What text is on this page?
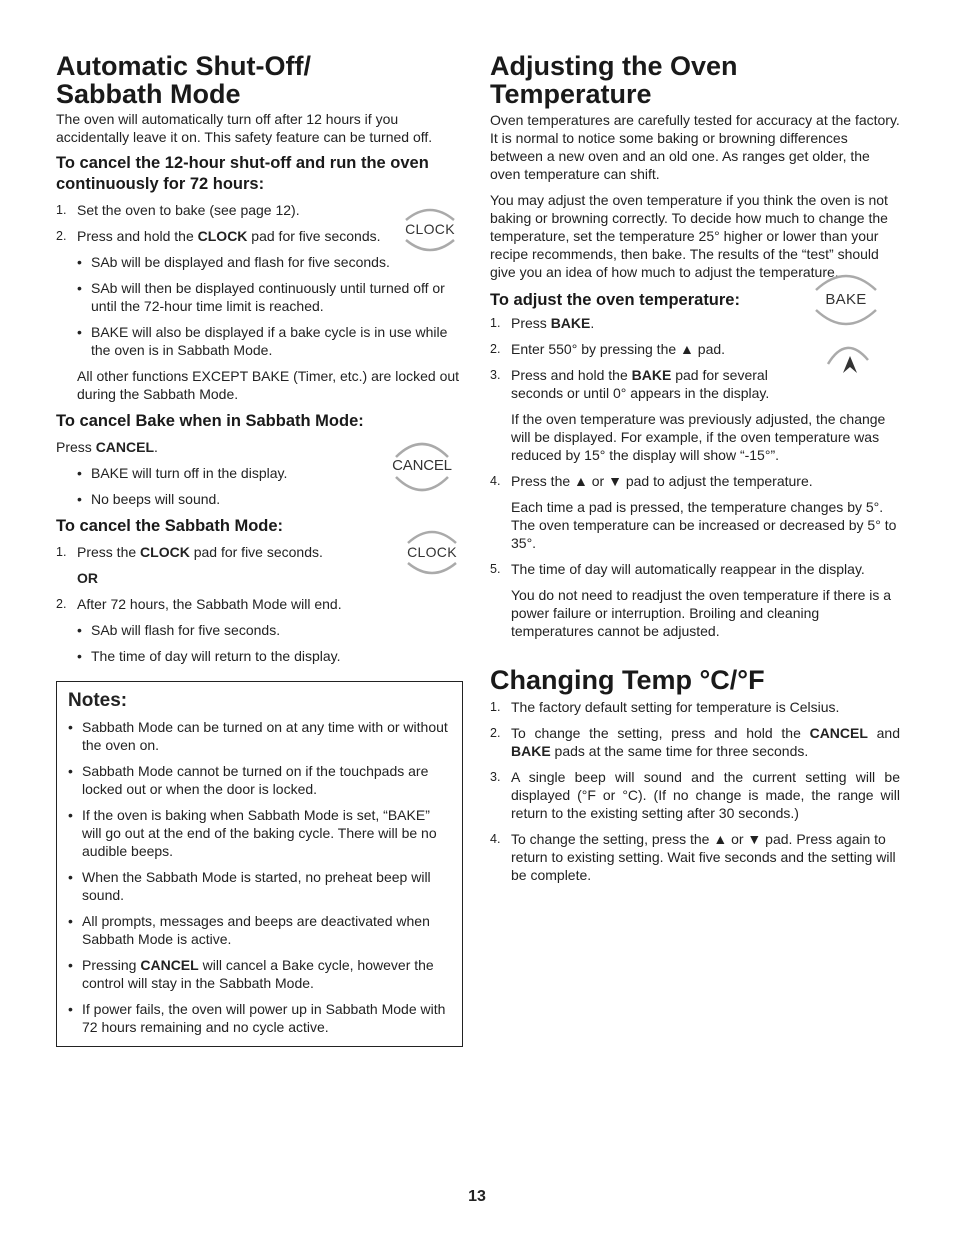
Automatic Shut-Off/
Sabbath Mode

The oven will automatically turn off after 12 hours if you accidentally leave it on. This safety feature can be turned off.

To cancel the 12-hour shut-off and run the oven continuously for 72 hours:
1. Set the oven to bake (see page 12).
2. Press and hold the CLOCK pad for five seconds.
• SAb will be displayed and flash for five seconds.
• SAb will then be displayed continuously until turned off or until the 72-hour time limit is reached.
• BAKE will also be displayed if a bake cycle is in use while the oven is in Sabbath Mode.
All other functions EXCEPT BAKE (Timer, etc.) are locked out during the Sabbath Mode.
To cancel Bake when in Sabbath Mode:

Press CANCEL.

• BAKE will turn off in the display.
• No beeps will sound.
To cancel the Sabbath Mode:
1. Press the CLOCK pad for five seconds.
OR
2. After 72 hours, the Sabbath Mode will end.
• SAb will flash for five seconds.
• The time of day will return to the display.
Notes:
• Sabbath Mode can be turned on at any time with or without the oven on.
• Sabbath Mode cannot be turned on if the touchpads are locked out or when the door is locked.
• If the oven is baking when Sabbath Mode is set, “BAKE” will go out at the end of the baking cycle. There will be no audible beeps.
• When the Sabbath Mode is started, no preheat beep will sound.
• All prompts, messages and beeps are deactivated when Sabbath Mode is active.
• Pressing CANCEL will cancel a Bake cycle, however the control will stay in the Sabbath Mode.
• If power fails, the oven will power up in Sabbath Mode with 72 hours remaining and no cycle active.
Adjusting the Oven Temperature

Oven temperatures are carefully tested for accuracy at the factory. It is normal to notice some baking or browning differences between a new oven and an old one. As ranges get older, the oven temperature can shift.

You may adjust the oven temperature if you think the oven is not baking or browning correctly. To decide how much to change the temperature, set the temperature 25° higher or lower than your recipe recommends, then bake. The results of the “test” should give you an idea of how much to adjust the temperature.

To adjust the oven temperature:
1. Press BAKE.
2. Enter 550° by pressing the ▲ pad.
3. Press and hold the BAKE pad for several seconds or until 0° appears in the display.
If the oven temperature was previously adjusted, the change will be displayed. For example, if the oven temperature was reduced by 15° the display will show “-15°”.
4. Press the ▲ or ▼ pad to adjust the temperature.
Each time a pad is pressed, the temperature changes by 5°. The oven temperature can be increased or decreased by 5° to 35°.
5. The time of day will automatically reappear in the display.
You do not need to readjust the oven temperature if there is a power failure or interruption. Broiling and cleaning temperatures cannot be adjusted.
Changing Temp °C/°F
1. The factory default setting for temperature is Celsius.
2. To change the setting, press and hold the CANCEL and BAKE pads at the same time for three seconds.
3. A single beep will sound and the current setting will be displayed (°F or °C). (If no change is made, the range will return to the existing setting after 30 seconds.)
4. To change the setting, press the ▲ or ▼ pad. Press again to return to existing setting. Wait five seconds and the setting will be complete.
CLOCK
CANCEL
CLOCK
BAKE
13
